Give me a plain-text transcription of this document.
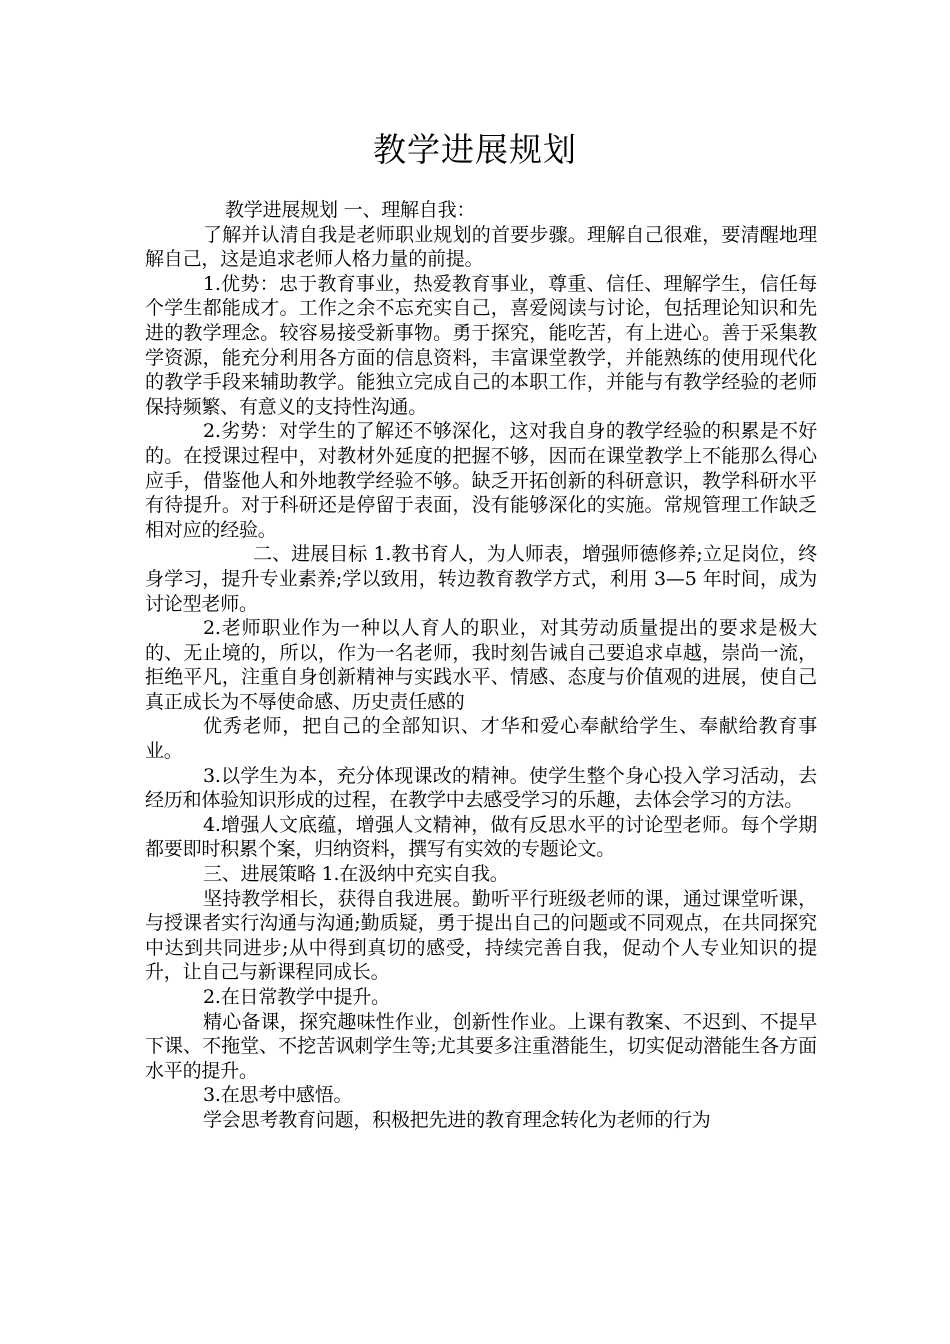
教学进展规划

教学进展规划 一、理解自我：

了解并认清自我是老师职业规划的首要步骤。理解自己很难，要清醒地理解自己，这是追求老师人格力量的前提。

1.优势：忠于教育事业，热爱教育事业，尊重、信任、理解学生，信任每个学生都能成才。工作之余不忘充实自己，喜爱阅读与讨论，包括理论知识和先进的教学理念。较容易接受新事物。勇于探究，能吃苦，有上进心。善于采集教学资源，能充分利用各方面的信息资料，丰富课堂教学，并能熟练的使用现代化的教学手段来辅助教学。能独立完成自己的本职工作，并能与有教学经验的老师保持频繁、有意义的支持性沟通。

2.劣势：对学生的了解还不够深化，这对我自身的教学经验的积累是不好的。在授课过程中，对教材外延度的把握不够，因而在课堂教学上不能那么得心应手，借鉴他人和外地教学经验不够。缺乏开拓创新的科研意识，教学科研水平有待提升。对于科研还是停留于表面，没有能够深化的实施。常规管理工作缺乏相对应的经验。

二、进展目标 1.教书育人，为人师表，增强师德修养;立足岗位，终身学习，提升专业素养;学以致用，转边教育教学方式，利用 3—5 年时间，成为讨论型老师。

2.老师职业作为一种以人育人的职业，对其劳动质量提出的要求是极大的、无止境的，所以，作为一名老师，我时刻告诫自己要追求卓越，崇尚一流，拒绝平凡，注重自身创新精神与实践水平、情感、态度与价值观的进展，使自己真正成长为不辱使命感、历史责任感的

优秀老师，把自己的全部知识、才华和爱心奉献给学生、奉献给教育事业。

3.以学生为本，充分体现课改的精神。使学生整个身心投入学习活动，去经历和体验知识形成的过程，在教学中去感受学习的乐趣，去体会学习的方法。

4.增强人文底蕴，增强人文精神，做有反思水平的讨论型老师。每个学期都要即时积累个案，归纳资料，撰写有实效的专题论文。

三、进展策略 1.在汲纳中充实自我。

坚持教学相长，获得自我进展。勤听平行班级老师的课，通过课堂听课，与授课者实行沟通与沟通;勤质疑，勇于提出自己的问题或不同观点，在共同探究中达到共同进步;从中得到真切的感受，持续完善自我，促动个人专业知识的提升，让自己与新课程同成长。

2.在日常教学中提升。

精心备课，探究趣味性作业，创新性作业。上课有教案、不迟到、不提早下课、不拖堂、不挖苦讽刺学生等;尤其要多注重潜能生，切实促动潜能生各方面水平的提升。

3.在思考中感悟。

学会思考教育问题，积极把先进的教育理念转化为老师的行为
